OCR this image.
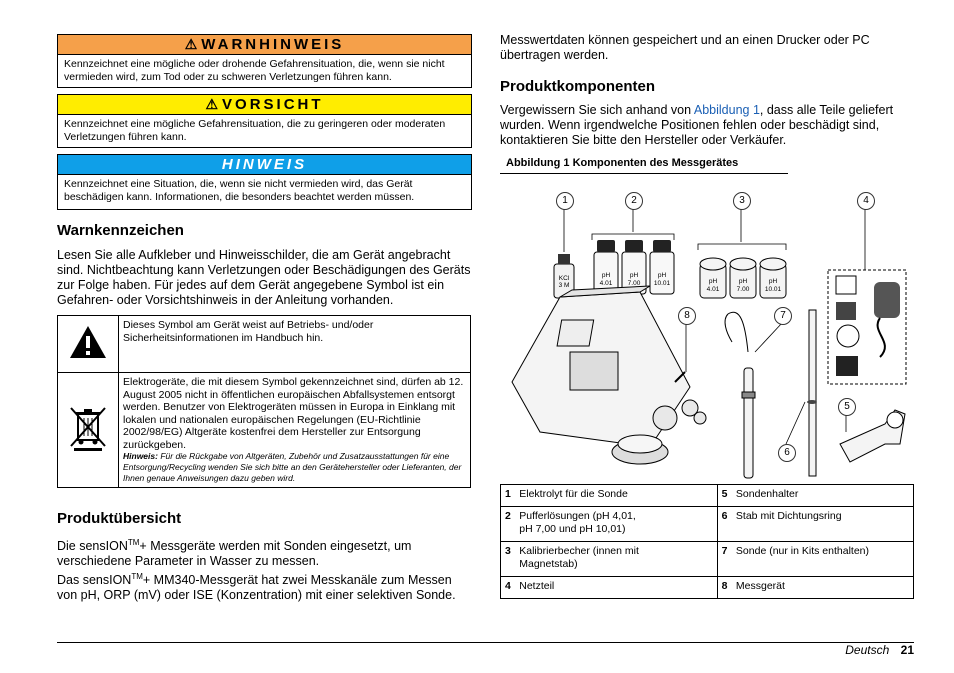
⚠ WARNHINWEIS
Kennzeichnet eine mögliche oder drohende Gefahrensituation, die, wenn sie nicht vermieden wird, zum Tod oder zu schweren Verletzungen führen kann.
⚠ VORSICHT
Kennzeichnet eine mögliche Gefahrensituation, die zu geringeren oder moderaten Verletzungen führen kann.
HINWEIS
Kennzeichnet eine Situation, die, wenn sie nicht vermieden wird, das Gerät beschädigen kann. Informationen, die besonders beachtet werden müssen.
Warnkennzeichen

Lesen Sie alle Aufkleber und Hinweisschilder, die am Gerät angebracht sind. Nichtbeachtung kann Verletzungen oder Beschädigungen des Geräts zur Folge haben. Für jedes auf dem Gerät angegebene Symbol ist ein Gefahren- oder Vorsichtshinweis in der Anleitung vorhanden.

	Dieses Symbol am Gerät weist auf Betriebs- und/oder Sicherheitsinformationen im Handbuch hin.

Elektrogeräte, die mit diesem Symbol gekennzeichnet sind, dürfen ab 12. August 2005 nicht in öffentlichen europäischen Abfallsystemen entsorgt werden. Benutzer von Elektrogeräten müssen in Europa in Einklang mit lokalen und nationalen europäischen Regelungen (EU-Richtlinie 2002/98/EG) Altgeräte kostenfrei dem Hersteller zur Entsorgung zurückgeben.
Hinweis: Für die Rückgabe von Altgeräten, Zubehör und Zusatzausstattungen für eine Entsorgung/Recycling wenden Sie sich bitte an den Gerätehersteller oder Lieferanten, der Ihnen genaue Anweisungen dazu geben wird.
Produktübersicht

Die sensION™+ Messgeräte werden mit Sonden eingesetzt, um verschiedene Parameter in Wasser zu messen.

Das sensION™+ MM340-Messgerät hat zwei Messkanäle zum Messen von pH, ORP (mV) oder ISE (Konzentration) mit einer selektiven Sonde.

Messwertdaten können gespeichert und an einen Drucker oder PC übertragen werden.

Produktkomponenten

Vergewissern Sie sich anhand von Abbildung 1, dass alle Teile geliefert wurden. Wenn irgendwelche Positionen fehlen oder beschädigt sind, kontaktieren Sie bitte den Hersteller oder Verkäufer.

Abbildung 1 Komponenten des Messgerätes
1	2	3	4
8	7
5
6
KCl
3 M
pH
4.01
pH
7.00
pH
10.01	pH
4.01
pH
7.00
pH
10.01
1	Elektrolyt für die Sonde	5	Sondenhalter
2	Pufferlösungen (pH 4,01,
pH 7,00 und pH 10,01)	6	Stab mit Dichtungsring
3	Kalibrierbecher (innen mit
Magnetstab)	7	Sonde (nur in Kits enthalten)
4	Netzteil	8	Messgerät
Deutsch 21
